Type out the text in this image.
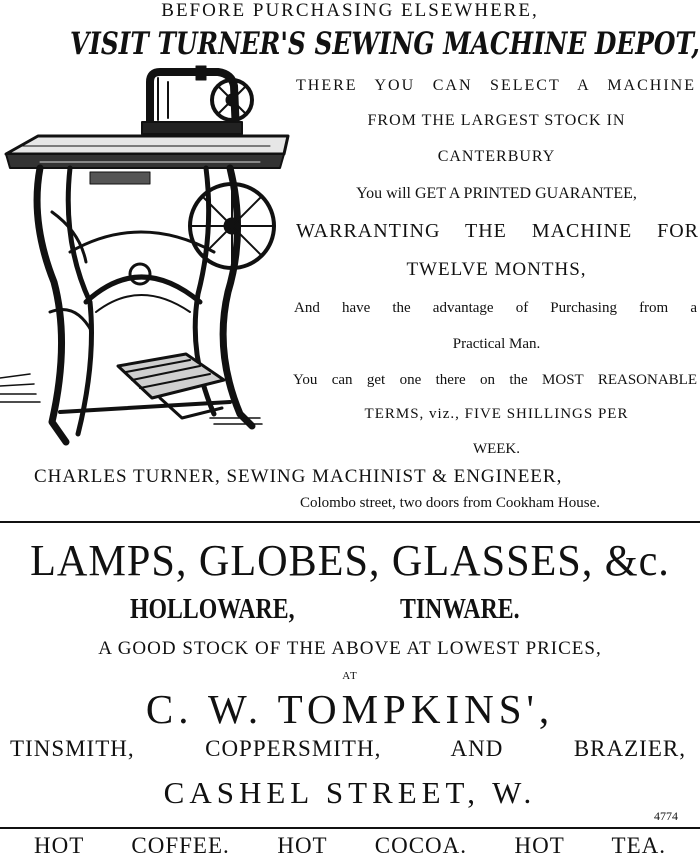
BEFORE PURCHASING ELSEWHERE,
VISIT TURNER'S SEWING MACHINE DEPOT,
THERE YOU CAN SELECT A MACHINE
FROM THE LARGEST STOCK IN
CANTERBURY
You will GET A PRINTED GUARANTEE,
WARRANTING THE MACHINE FOR
TWELVE MONTHS,
And have the advantage of Purchasing from a
Practical Man.
You can get one there on the MOST REASONABLE
TERMS, viz., FIVE SHILLINGS PER
WEEK.
CHARLES TURNER, SEWING MACHINIST & ENGINEER,
Colombo street, two doors from Cookham House.
LAMPS, GLOBES, GLASSES, &c.
HOLLOWARE,	TINWARE.
A GOOD STOCK OF THE ABOVE AT LOWEST PRICES,
AT
C. W. TOMPKINS',
TINSMITH, COPPERSMITH, AND BRAZIER,
CASHEL STREET, W.
4774
HOT COFFEE. HOT COCOA. HOT TEA.
